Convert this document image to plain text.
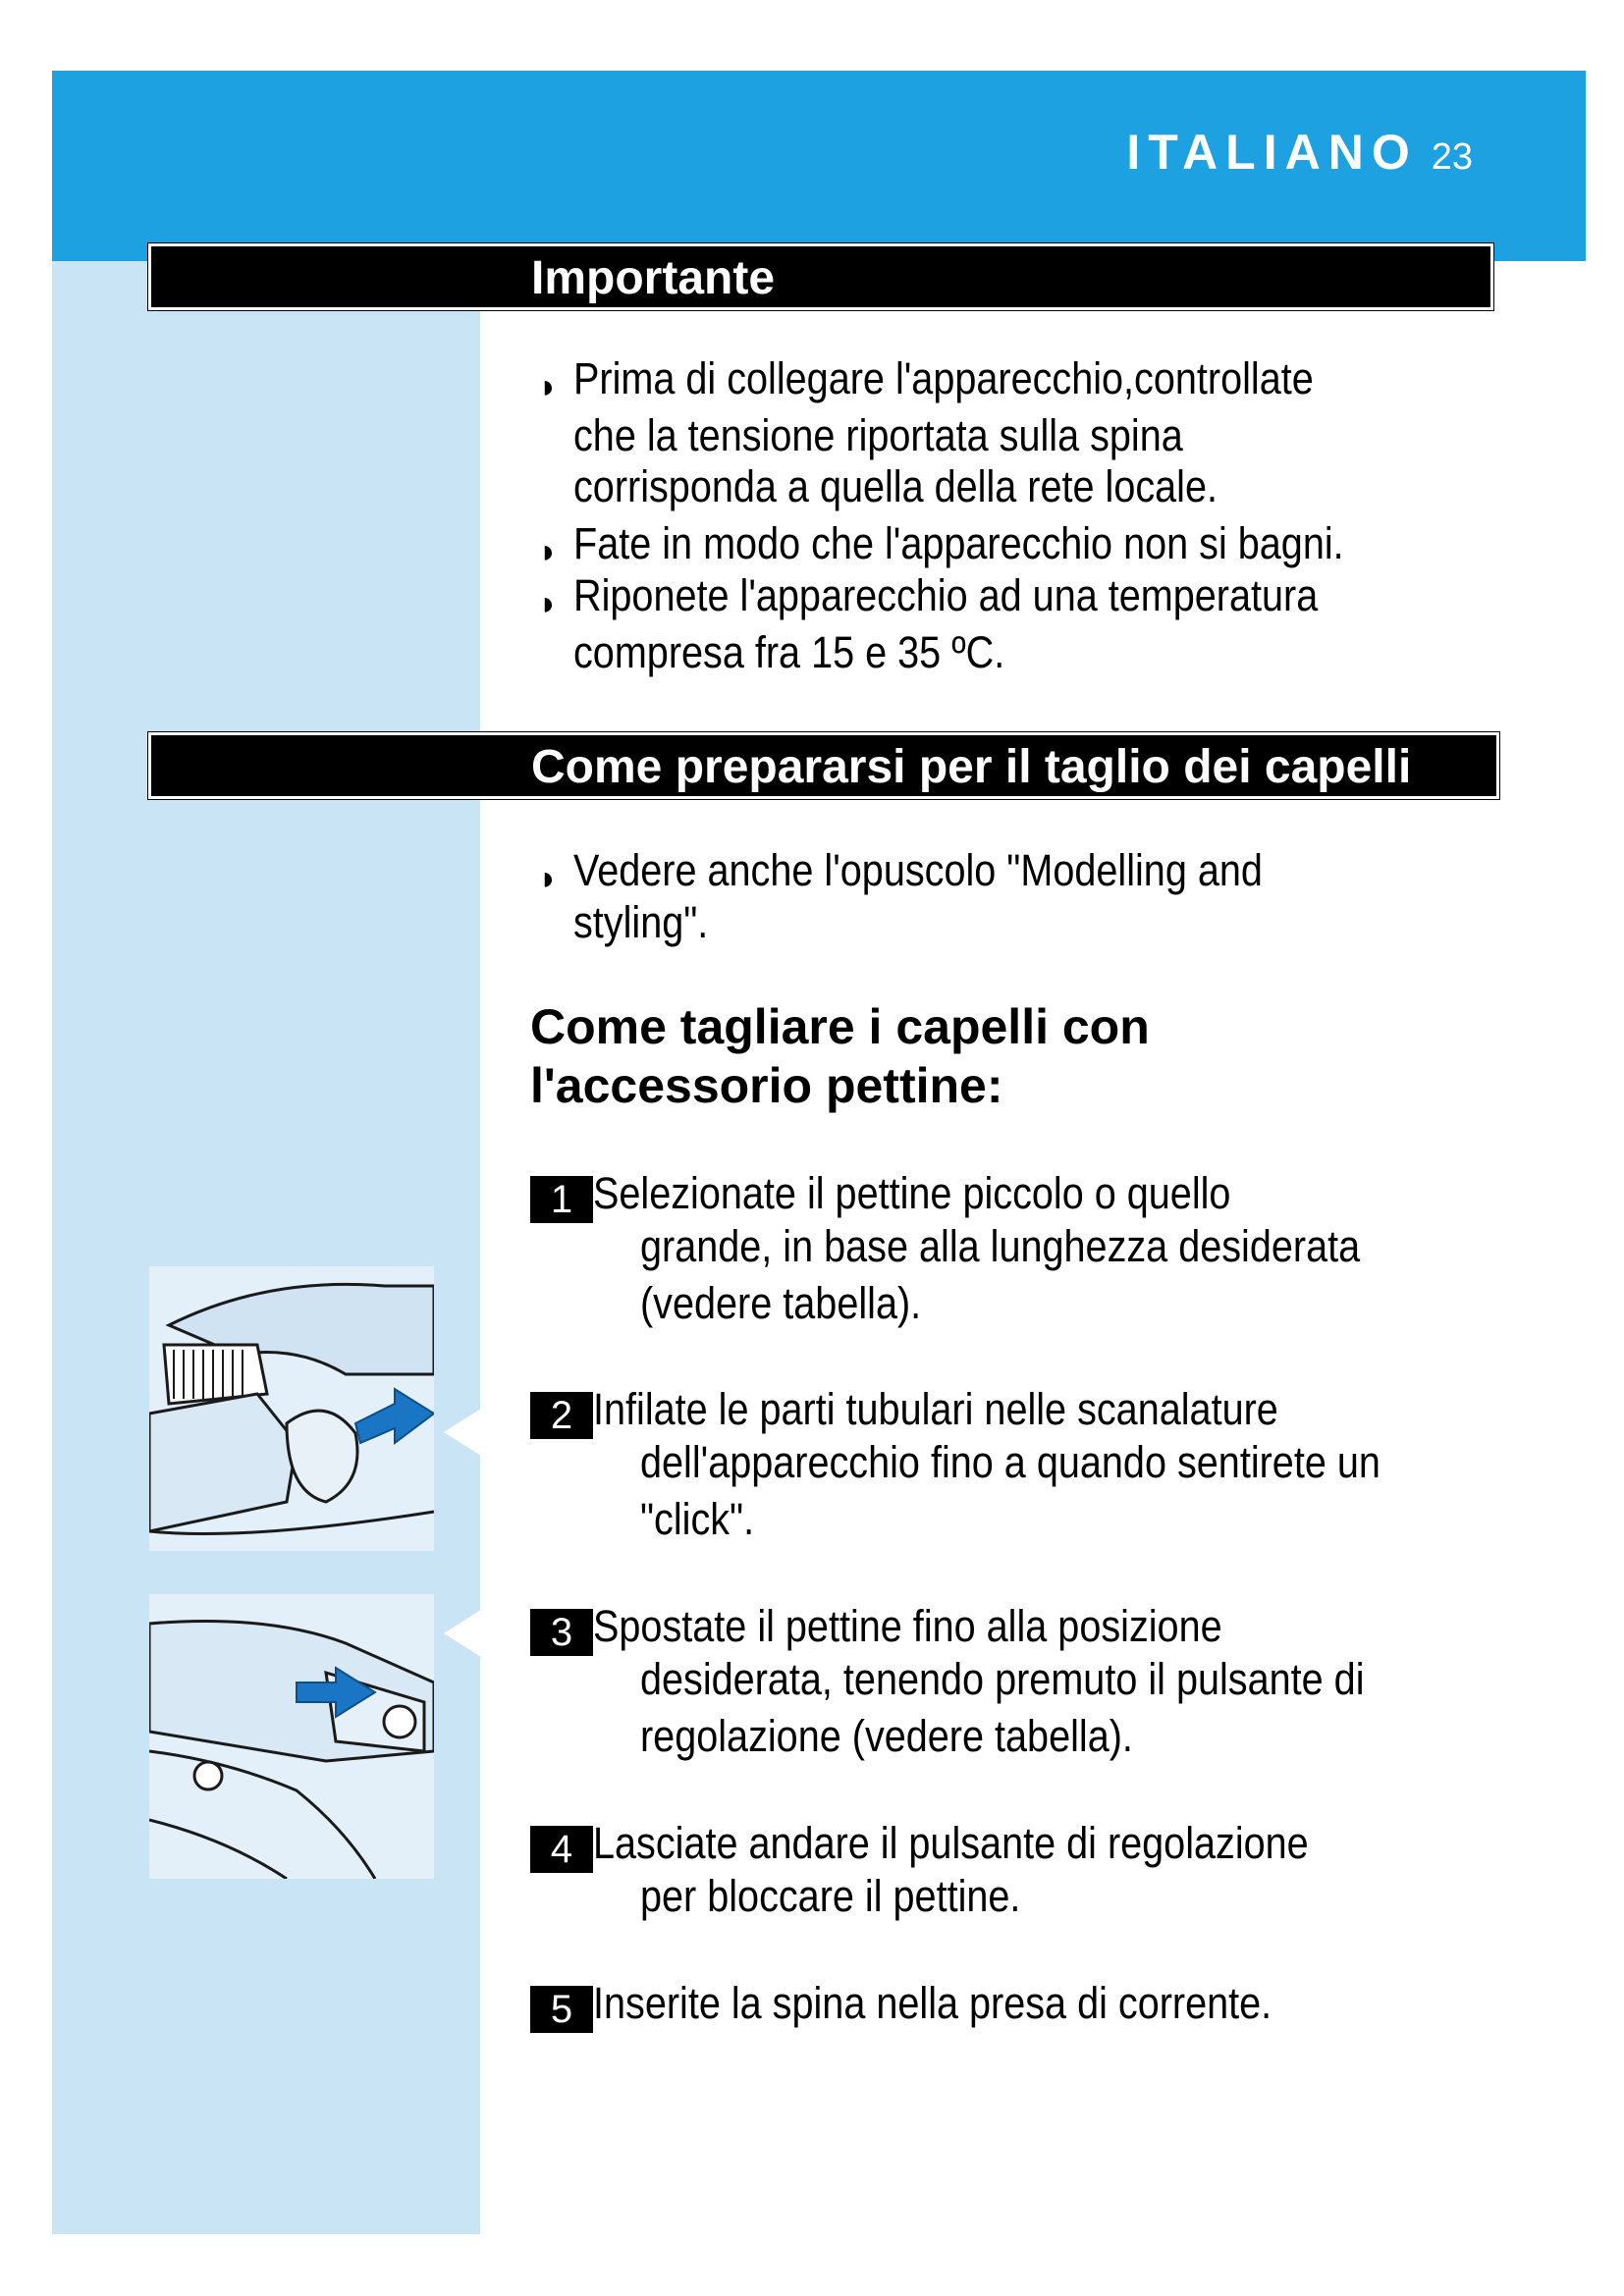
ITALIANO 23
Importante
◗ Prima di collegare l'apparecchio,controllate
che la tensione riportata sulla spina
corrisponda a quella della rete locale.
◗ Fate in modo che l'apparecchio non si bagni.
◗ Riponete l'apparecchio ad una temperatura
compresa fra 15 e 35 ºC.
Come prepararsi per il taglio dei capelli
◗ Vedere anche l'opuscolo "Modelling and
styling".
Come tagliare i capelli con
l'accessorio pettine:
1 Selezionate il pettine piccolo o quello
grande, in base alla lunghezza desiderata
(vedere tabella).
2 Infilate le parti tubulari nelle scanalature
dell'apparecchio fino a quando sentirete un
"click".
3 Spostate il pettine fino alla posizione
desiderata, tenendo premuto il pulsante di
regolazione (vedere tabella).
4 Lasciate andare il pulsante di regolazione
per bloccare il pettine.
5 Inserite la spina nella presa di corrente.
